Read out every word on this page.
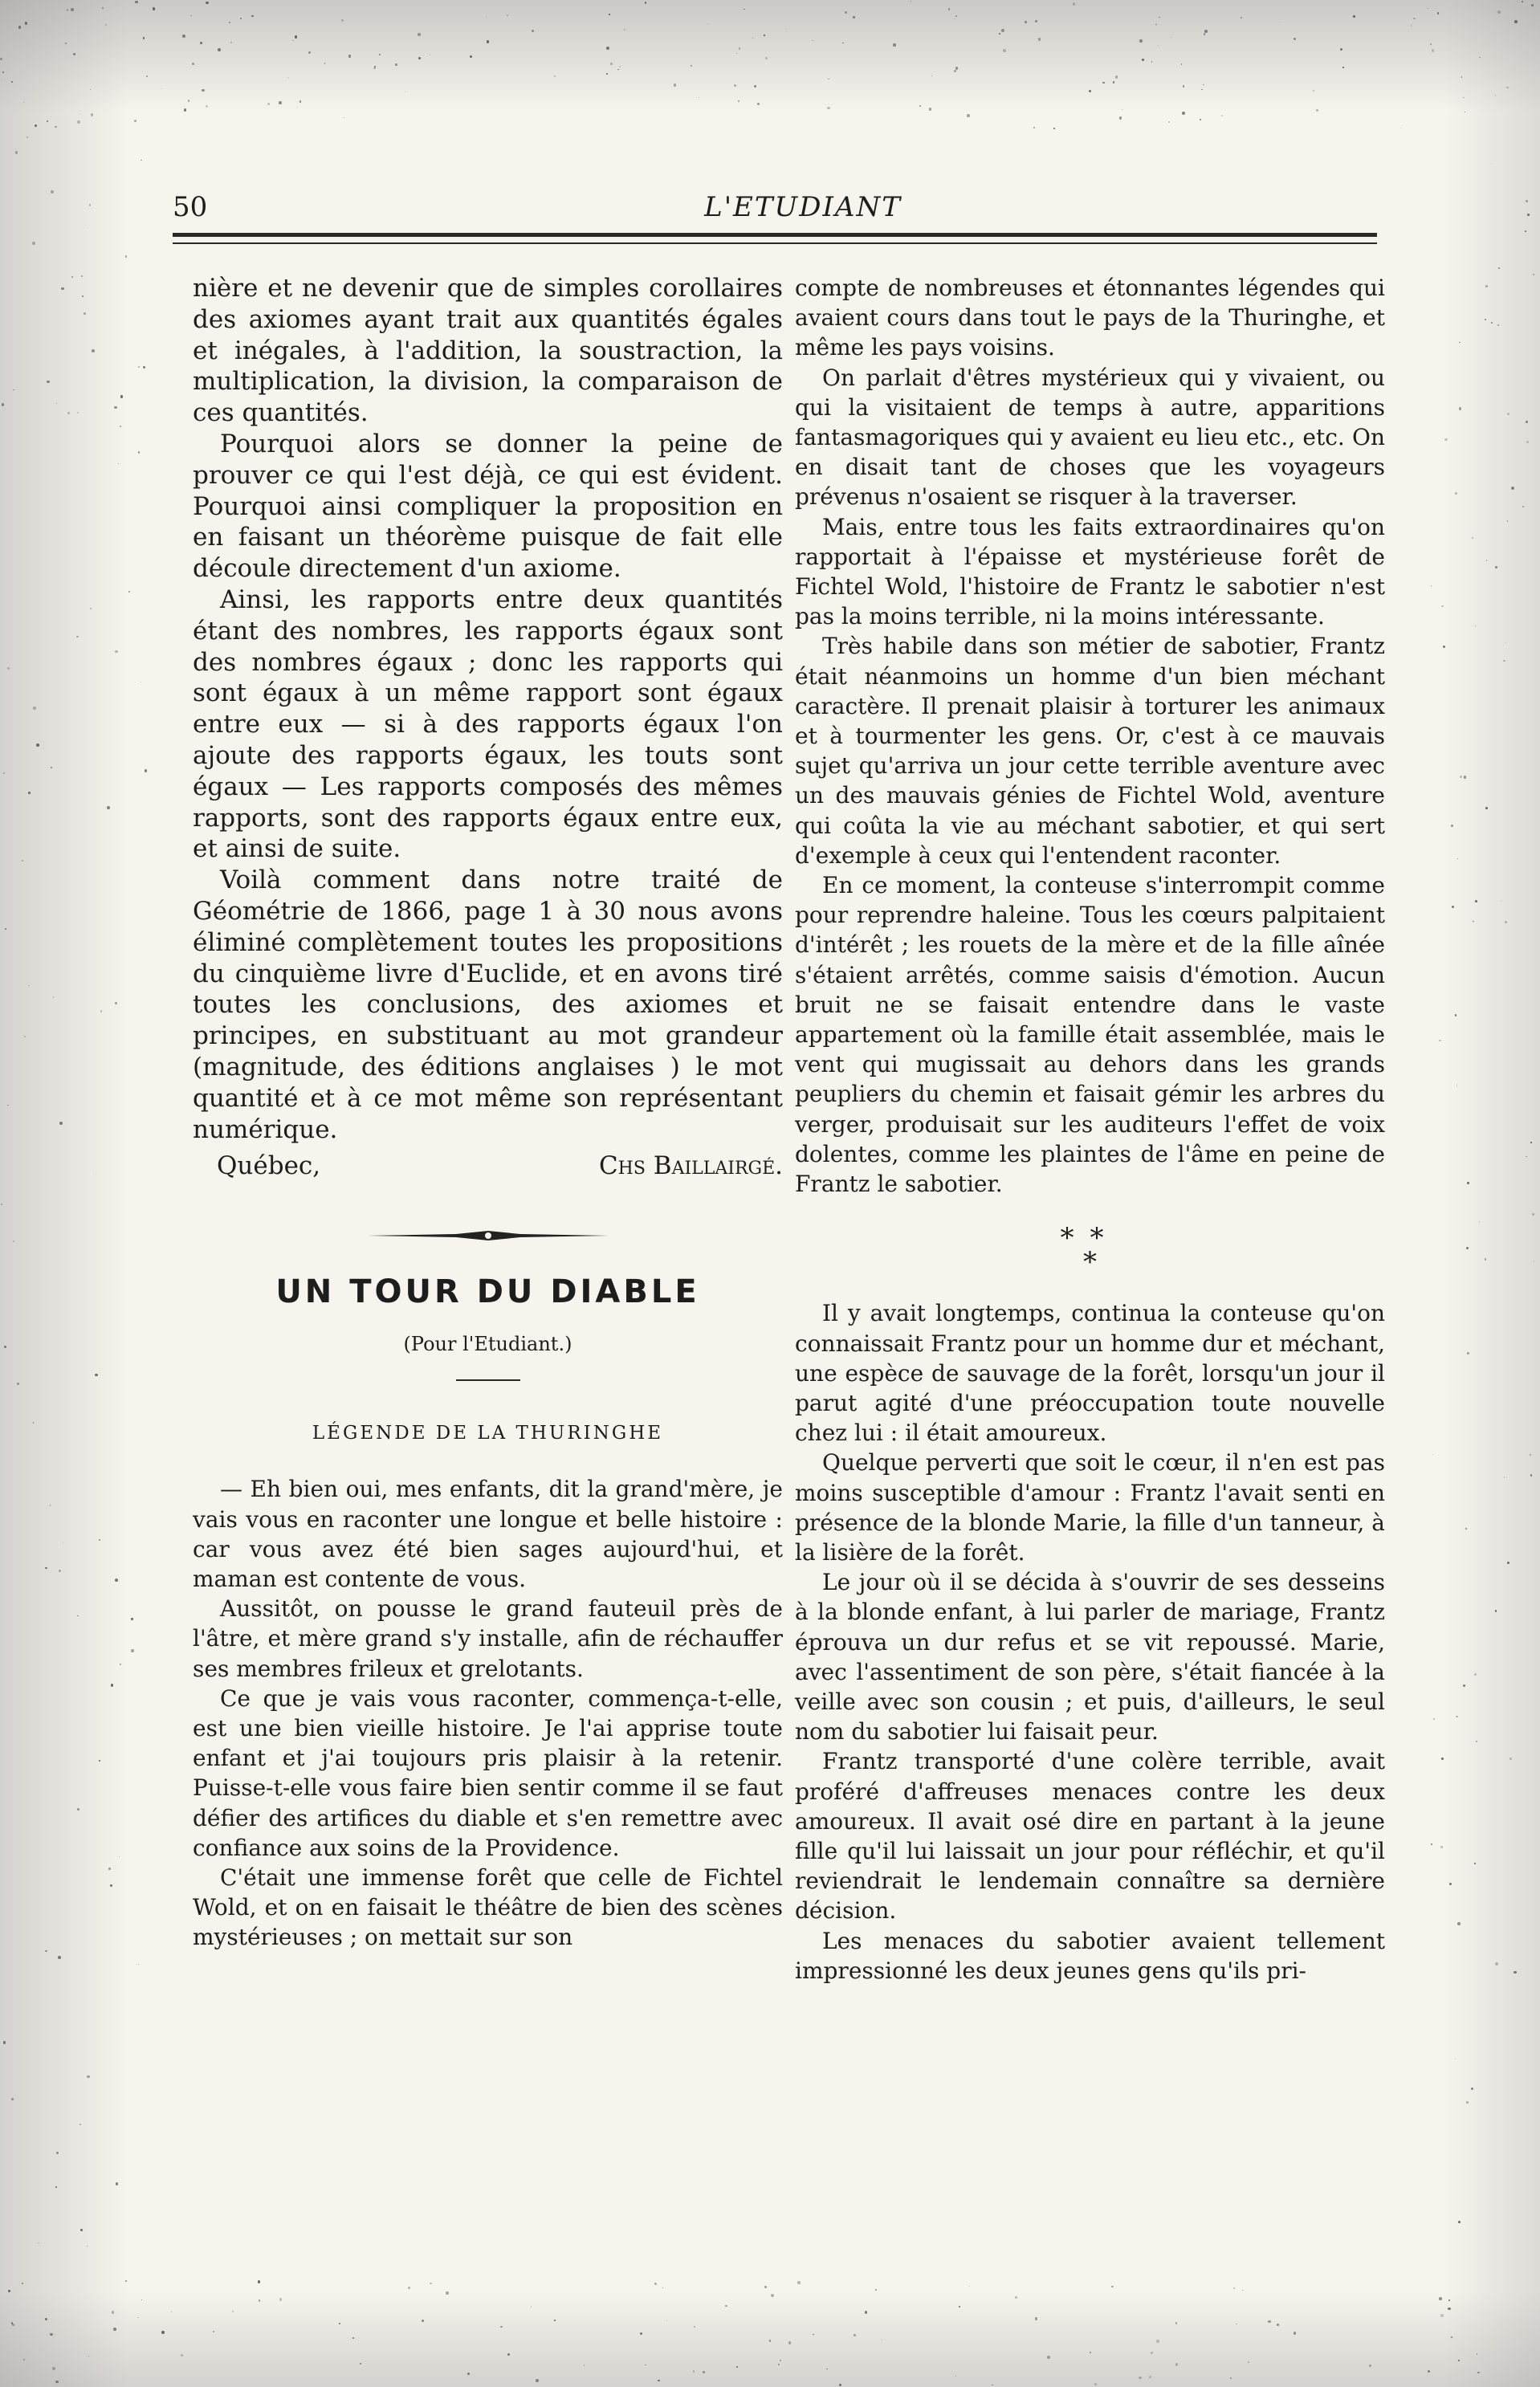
50	L'ETUDIANT

nière et ne devenir que de simples corollaires des axiomes ayant trait aux quantités égales et inégales, à l'addition, la soustraction, la multiplication, la division, la comparaison de ces quantités.

Pourquoi alors se donner la peine de prouver ce qui l'est déjà, ce qui est évident. Pourquoi ainsi compliquer la proposition en en faisant un théorème puisque de fait elle découle directement d'un axiome.

Ainsi, les rapports entre deux quantités étant des nombres, les rapports égaux sont des nombres égaux ; donc les rapports qui sont égaux à un même rapport sont égaux entre eux — si à des rapports égaux l'on ajoute des rapports égaux, les touts sont égaux — Les rapports composés des mêmes rapports, sont des rapports égaux entre eux, et ainsi de suite.

Voilà comment dans notre traité de Géométrie de 1866, page 1 à 30 nous avons éliminé complètement toutes les propositions du cinquième livre d'Euclide, et en avons tiré toutes les conclusions, des axiomes et principes, en substituant au mot grandeur (magnitude, des éditions anglaises ) le mot quantité et à ce mot même son représentant numérique.

Québec,	Chs Baillairgé.
UN TOUR DU DIABLE

(Pour l'Etudiant.)

LÉGENDE DE LA THURINGHE

— Eh bien oui, mes enfants, dit la grand'mère, je vais vous en raconter une longue et belle histoire : car vous avez été bien sages aujourd'hui, et maman est contente de vous.

Aussitôt, on pousse le grand fauteuil près de l'âtre, et mère grand s'y installe, afin de réchauffer ses membres frileux et grelotants.

Ce que je vais vous raconter, commença-t-elle, est une bien vieille histoire. Je l'ai apprise toute enfant et j'ai toujours pris plaisir à la retenir. Puisse-t-elle vous faire bien sentir comme il se faut défier des artifices du diable et s'en remettre avec confiance aux soins de la Providence.

C'était une immense forêt que celle de Fichtel Wold, et on en faisait le théâtre de bien des scènes mystérieuses ; on mettait sur son

compte de nombreuses et étonnantes légendes qui avaient cours dans tout le pays de la Thuringhe, et même les pays voisins.

On parlait d'êtres mystérieux qui y vivaient, ou qui la visitaient de temps à autre, apparitions fantasmagoriques qui y avaient eu lieu etc., etc. On en disait tant de choses que les voyageurs prévenus n'osaient se risquer à la traverser.

Mais, entre tous les faits extraordinaires qu'on rapportait à l'épaisse et mystérieuse forêt de Fichtel Wold, l'histoire de Frantz le sabotier n'est pas la moins terrible, ni la moins intéressante.

Très habile dans son métier de sabotier, Frantz était néanmoins un homme d'un bien méchant caractère. Il prenait plaisir à torturer les animaux et à tourmenter les gens. Or, c'est à ce mauvais sujet qu'arriva un jour cette terrible aventure avec un des mauvais génies de Fichtel Wold, aventure qui coûta la vie au méchant sabotier, et qui sert d'exemple à ceux qui l'entendent raconter.

En ce moment, la conteuse s'interrompit comme pour reprendre haleine. Tous les cœurs palpitaient d'intérêt ; les rouets de la mère et de la fille aînée s'étaient arrêtés, comme saisis d'émotion. Aucun bruit ne se faisait entendre dans le vaste appartement où la famille était assemblée, mais le vent qui mugissait au dehors dans les grands peupliers du chemin et faisait gémir les arbres du verger, produisait sur les auditeurs l'effet de voix dolentes, comme les plaintes de l'âme en peine de Frantz le sabotier.

**
*

Il y avait longtemps, continua la conteuse qu'on connaissait Frantz pour un homme dur et méchant, une espèce de sauvage de la forêt, lorsqu'un jour il parut agité d'une préoccupation toute nouvelle chez lui : il était amoureux.

Quelque perverti que soit le cœur, il n'en est pas moins susceptible d'amour : Frantz l'avait senti en présence de la blonde Marie, la fille d'un tanneur, à la lisière de la forêt.

Le jour où il se décida à s'ouvrir de ses desseins à la blonde enfant, à lui parler de mariage, Frantz éprouva un dur refus et se vit repoussé. Marie, avec l'assentiment de son père, s'était fiancée à la veille avec son cousin ; et puis, d'ailleurs, le seul nom du sabotier lui faisait peur.

Frantz transporté d'une colère terrible, avait proféré d'affreuses menaces contre les deux amoureux. Il avait osé dire en partant à la jeune fille qu'il lui laissait un jour pour réfléchir, et qu'il reviendrait le lendemain connaître sa dernière décision.

Les menaces du sabotier avaient tellement impressionné les deux jeunes gens qu'ils pri-
